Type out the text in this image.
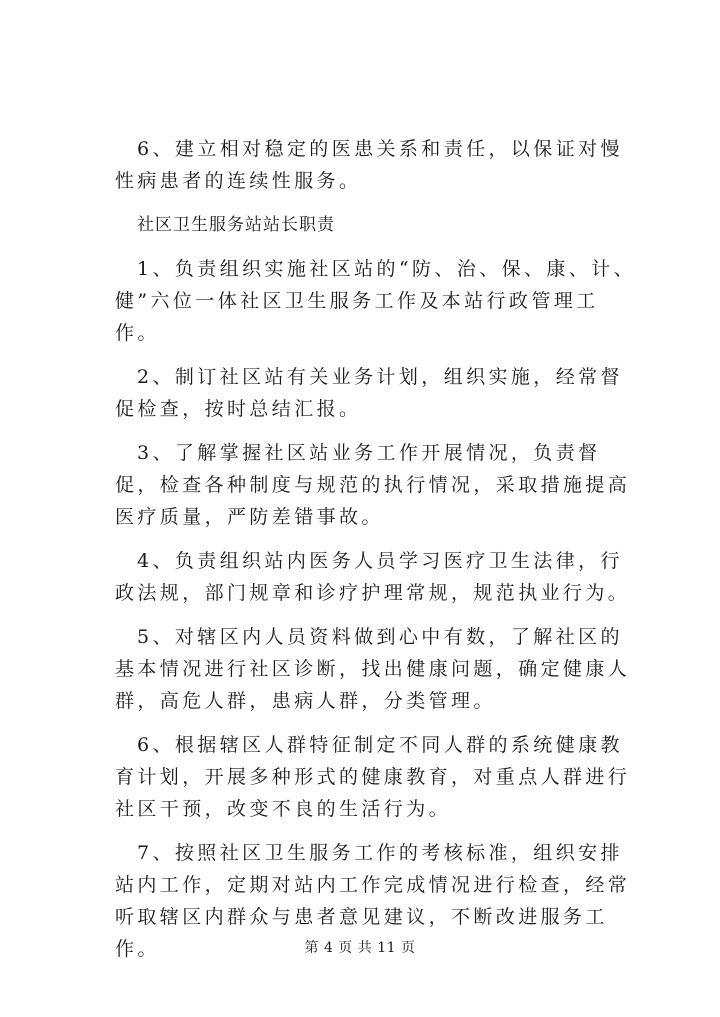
6、建立相对稳定的医患关系和责任，以保证对慢性病患者的连续性服务。

社区卫生服务站站长职责

1、负责组织实施社区站的“防、治、保、康、计、健”六位一体社区卫生服务工作及本站行政管理工作。

2、制订社区站有关业务计划，组织实施，经常督促检查，按时总结汇报。

3、了解掌握社区站业务工作开展情况，负责督促，检查各种制度与规范的执行情况，采取措施提高医疗质量，严防差错事故。

4、负责组织站内医务人员学习医疗卫生法律，行政法规，部门规章和诊疗护理常规，规范执业行为。

5、对辖区内人员资料做到心中有数，了解社区的基本情况进行社区诊断，找出健康问题，确定健康人群，高危人群，患病人群，分类管理。

6、根据辖区人群特征制定不同人群的系统健康教育计划，开展多种形式的健康教育，对重点人群进行社区干预，改变不良的生活行为。

7、按照社区卫生服务工作的考核标准，组织安排站内工作，定期对站内工作完成情况进行检查，经常听取辖区内群众与患者意见建议，不断改进服务工作。	第 4 页 共 11 页
